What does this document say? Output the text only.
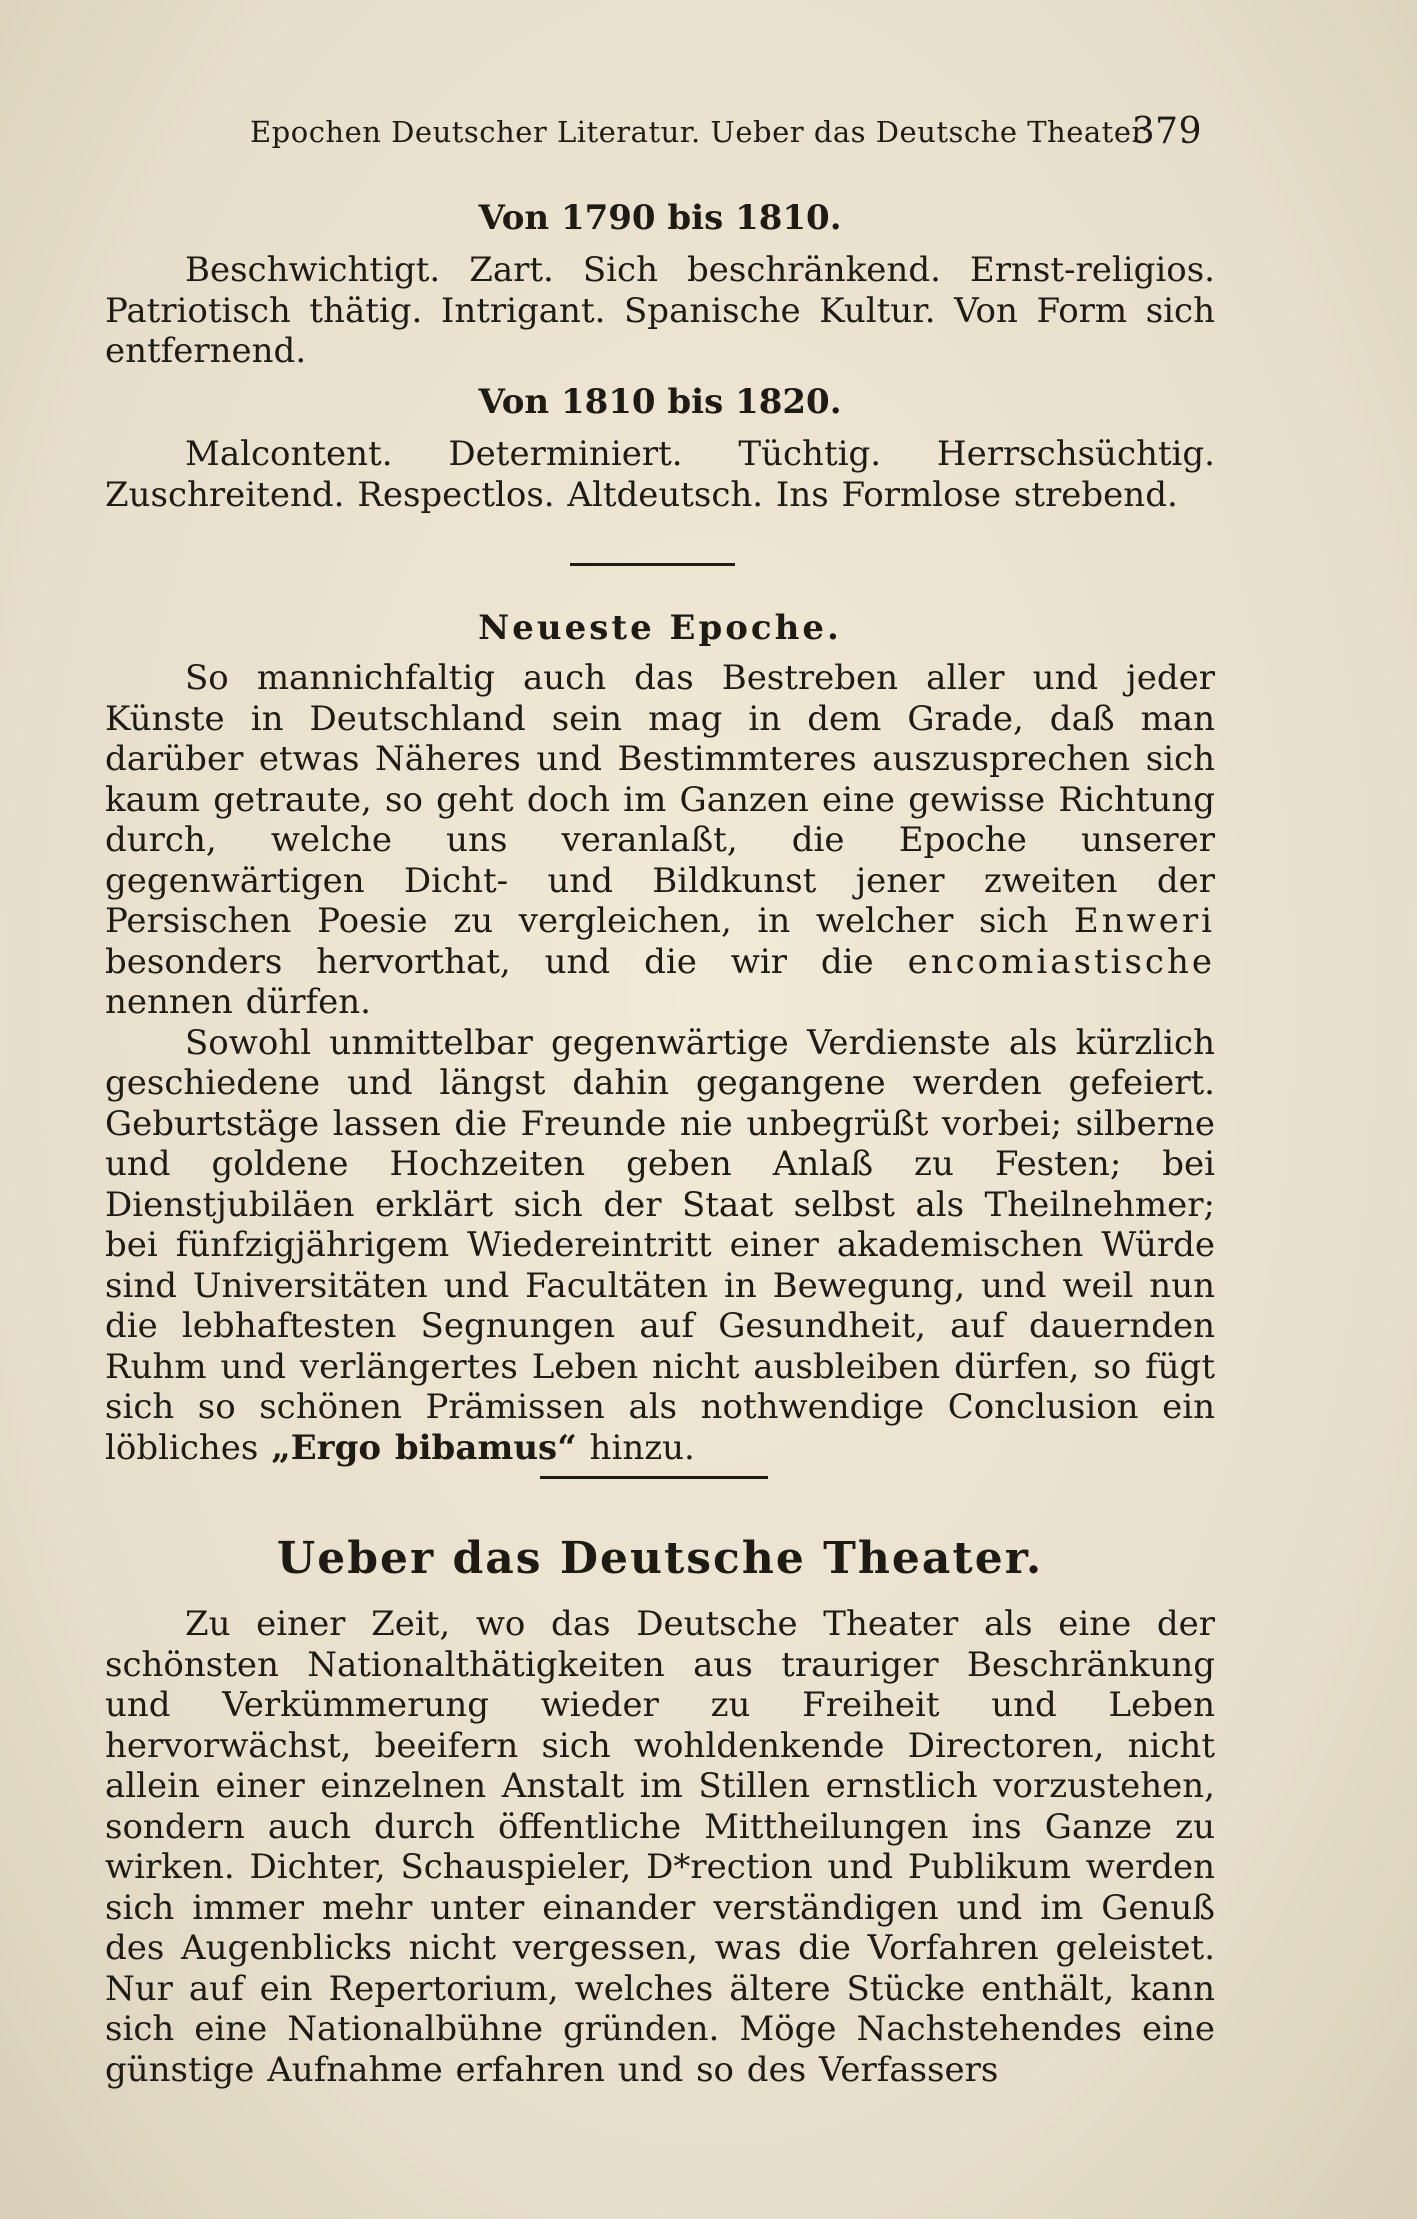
Epochen Deutscher Literatur. Ueber das Deutsche Theater.
379

Von 1790 bis 1810.

Beschwichtigt. Zart. Sich beschränkend. Ernst-religios. Patriotisch thätig. Intrigant. Spanische Kultur. Von Form sich entfernend.

Von 1810 bis 1820.

Malcontent. Determiniert. Tüchtig. Herrschsüchtig. Zuschreitend. Respectlos. Altdeutsch. Ins Formlose strebend.

Neueste Epoche.

So mannichfaltig auch das Bestreben aller und jeder Künste in Deutschland sein mag in dem Grade, daß man darüber etwas Näheres und Bestimmteres auszusprechen sich kaum getraute, so geht doch im Ganzen eine gewisse Richtung durch, welche uns veranlaßt, die Epoche unserer gegenwärtigen Dicht- und Bildkunst jener zweiten der Persischen Poesie zu vergleichen, in welcher sich Enweri besonders hervorthat, und die wir die encomiastische nennen dürfen.

Sowohl unmittelbar gegenwärtige Verdienste als kürzlich geschiedene und längst dahin gegangene werden gefeiert. Geburtstäge lassen die Freunde nie unbegrüßt vorbei; silberne und goldene Hochzeiten geben Anlaß zu Festen; bei Dienstjubiläen erklärt sich der Staat selbst als Theilnehmer; bei fünfzigjährigem Wiedereintritt einer akademischen Würde sind Universitäten und Facultäten in Bewegung, und weil nun die lebhaftesten Segnungen auf Gesundheit, auf dauernden Ruhm und verlängertes Leben nicht ausbleiben dürfen, so fügt sich so schönen Prämissen als nothwendige Conclusion ein löbliches „Ergo bibamus“ hinzu.

Ueber das Deutsche Theater.

Zu einer Zeit, wo das Deutsche Theater als eine der schönsten Nationalthätigkeiten aus trauriger Beschränkung und Verkümmerung wieder zu Freiheit und Leben hervorwächst, beeifern sich wohldenkende Directoren, nicht allein einer einzelnen Anstalt im Stillen ernstlich vorzustehen, sondern auch durch öffentliche Mittheilungen ins Ganze zu wirken. Dichter, Schauspieler, D*rection und Publikum werden sich immer mehr unter einander verständigen und im Genuß des Augenblicks nicht vergessen, was die Vorfahren geleistet. Nur auf ein Repertorium, welches ältere Stücke enthält, kann sich eine Nationalbühne gründen. Möge Nachstehendes eine günstige Aufnahme erfahren und so des Verfassers
